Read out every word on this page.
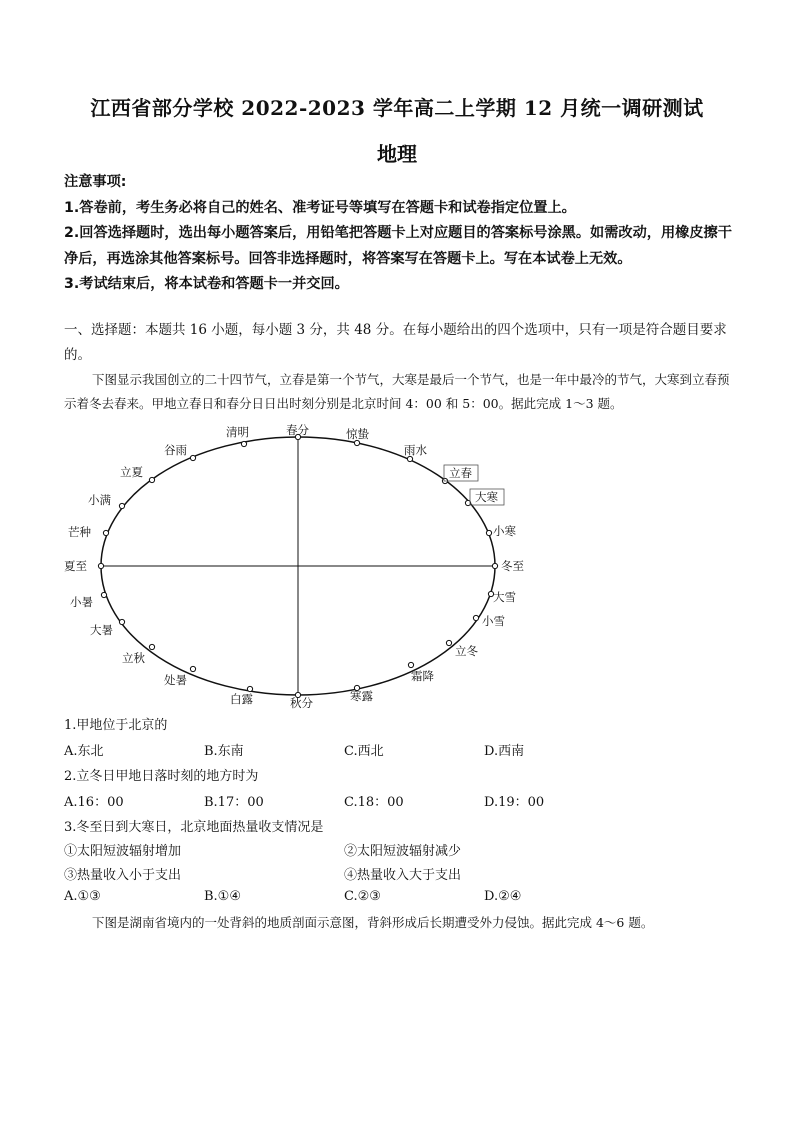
江西省部分学校 2022-2023 学年高二上学期 12 月统一调研测试
地理

注意事项:

1.答卷前，考生务必将自己的姓名、准考证号等填写在答题卡和试卷指定位置上。

2.回答选择题时，选出每小题答案后，用铅笔把答题卡上对应题目的答案标号涂黑。如需改动，用橡皮擦干净后，再选涂其他答案标号。回答非选择题时，将答案写在答题卡上。写在本试卷上无效。

3.考试结束后，将本试卷和答题卡一并交回。

一、选择题：本题共 16 小题，每小题 3 分，共 48 分。在每小题给出的四个选项中，只有一项是符合题目要求的。
下图显示我国创立的二十四节气，立春是第一个节气，大寒是最后一个节气，也是一年中最冷的节气，大寒到立春预示着冬去春来。甲地立春日和春分日日出时刻分别是北京时间 4：00 和 5：00。据此完成 1～3 题。
春分	惊蛰
雨水
立春
大寒
小寒
冬至
大雪
小雪
立冬
霜降
寒露
秋分
白露
处暑
立秋
大暑
小暑
夏至
芒种
小满
立夏
谷雨
清明
1.甲地位于北京的
A.东北	B.东南	C.西北	D.西南
2.立冬日甲地日落时刻的地方时为
A.16：00	B.17：00	C.18：00	D.19：00
3.冬至日到大寒日，北京地面热量收支情况是
①太阳短波辐射增加	②太阳短波辐射减少
③热量收入小于支出	④热量收入大于支出
A.①③	B.①④	C.②③	D.②④
下图是湖南省境内的一处背斜的地质剖面示意图，背斜形成后长期遭受外力侵蚀。据此完成 4～6 题。
